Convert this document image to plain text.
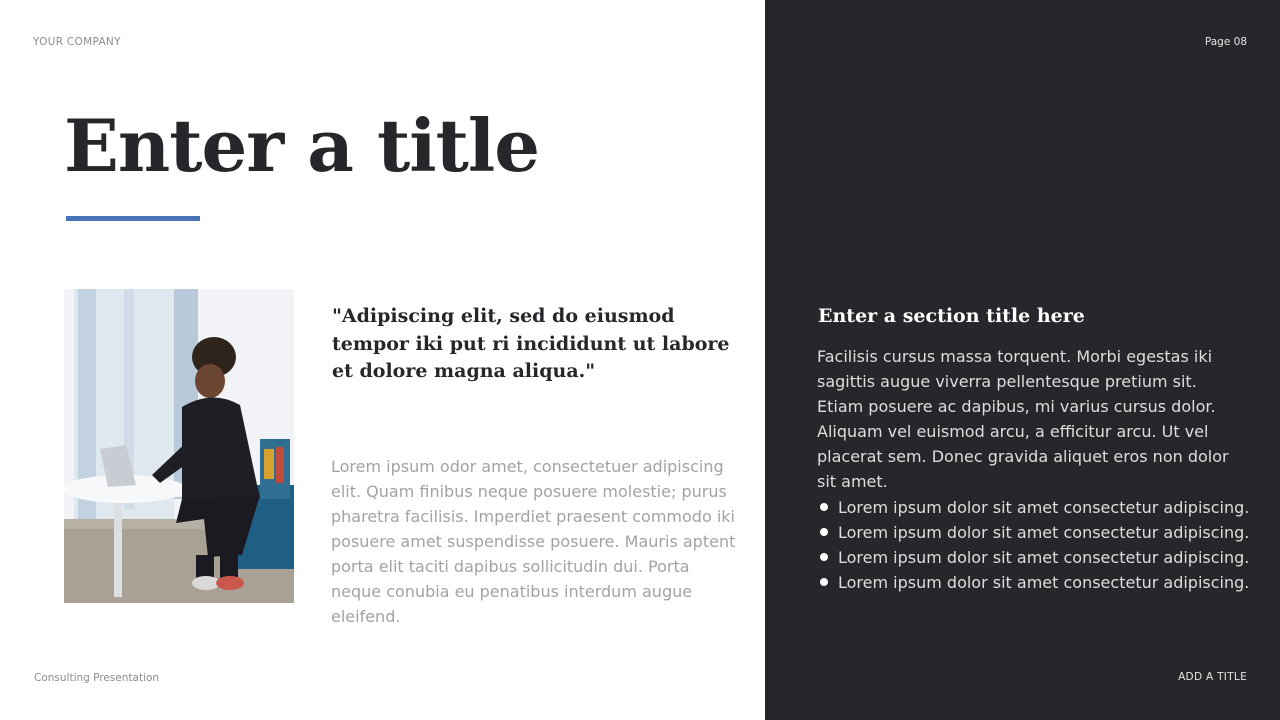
YOUR COMPANY
Enter a title
"Adipiscing elit, sed do eiusmod tempor iki put ri incididunt ut labore et dolore magna aliqua."
Lorem ipsum odor amet, consectetuer adipiscing elit. Quam finibus neque posuere molestie; purus pharetra facilisis. Imperdiet praesent commodo iki posuere amet suspendisse posuere. Mauris aptent porta elit taciti dapibus sollicitudin dui. Porta neque conubia eu penatibus interdum augue eleifend.
Consulting Presentation
Page 08
Enter a section title here
Facilisis cursus massa torquent. Morbi egestas iki sagittis augue viverra pellentesque pretium sit. Etiam posuere ac dapibus, mi varius cursus dolor. Aliquam vel euismod arcu, a efficitur arcu. Ut vel placerat sem. Donec gravida aliquet eros non dolor sit amet.
Lorem ipsum dolor sit amet consectetur adipiscing.
Lorem ipsum dolor sit amet consectetur adipiscing.
Lorem ipsum dolor sit amet consectetur adipiscing.
Lorem ipsum dolor sit amet consectetur adipiscing.
ADD A TITLE
